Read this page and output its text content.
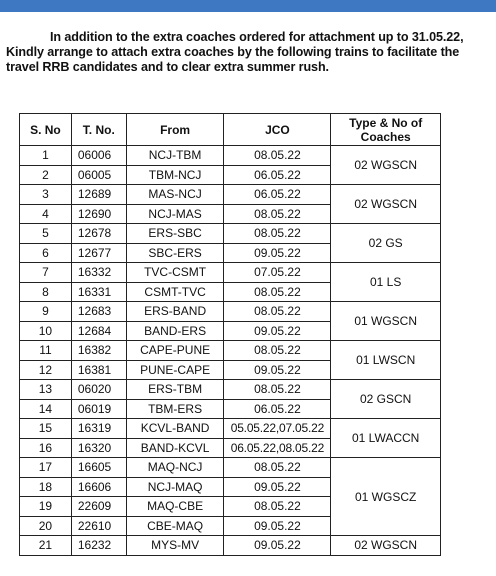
In addition to the extra coaches ordered for attachment up to 31.05.22,
Kindly arrange to attach extra coaches by the following trains to facilitate the
travel RRB candidates and to clear extra summer rush.
S. No	T. No.	From	JCO	Type & No of Coaches
1	06006	NCJ-TBM	08.05.22	02 WGSCN
2	06005	TBM-NCJ	06.05.22	
3	12689	MAS-NCJ	06.05.22	02 WGSCN
4	12690	NCJ-MAS	08.05.22	
5	12678	ERS-SBC	08.05.22	02 GS
6	12677	SBC-ERS	09.05.22	
7	16332	TVC-CSMT	07.05.22	01 LS
8	16331	CSMT-TVC	08.05.22	
9	12683	ERS-BAND	08.05.22	01 WGSCN
10	12684	BAND-ERS	09.05.22	
11	16382	CAPE-PUNE	08.05.22	01 LWSCN
12	16381	PUNE-CAPE	09.05.22	
13	06020	ERS-TBM	08.05.22	02 GSCN
14	06019	TBM-ERS	06.05.22	
15	16319	KCVL-BAND	05.05.22,07.05.22	01 LWACCN
16	16320	BAND-KCVL	06.05.22,08.05.22	
17	16605	MAQ-NCJ	08.05.22	01 WGSCZ
18	16606	NCJ-MAQ	09.05.22	
19	22609	MAQ-CBE	08.05.22	
20	22610	CBE-MAQ	09.05.22	
21	16232	MYS-MV	09.05.22	02 WGSCN
